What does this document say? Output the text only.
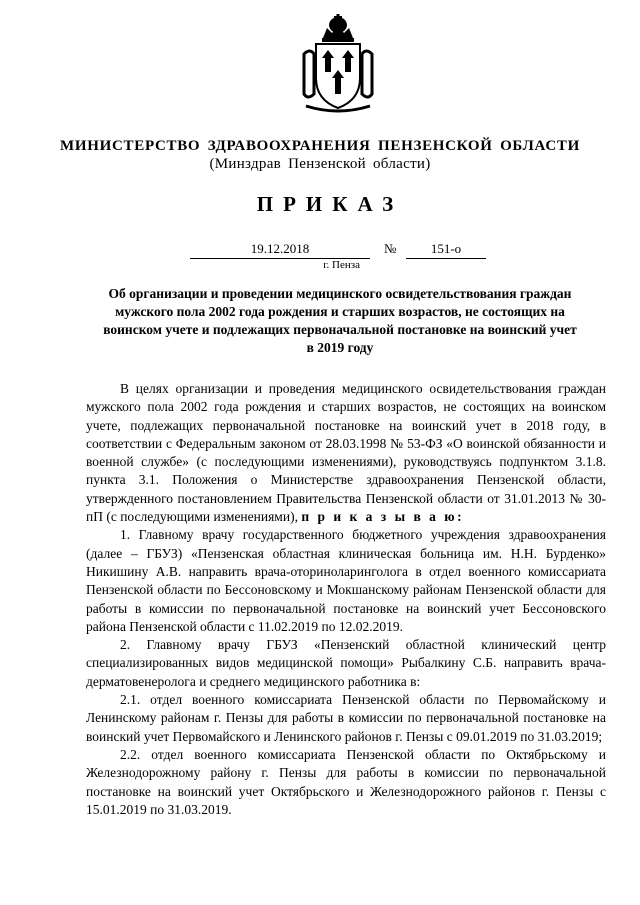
МИНИСТЕРСТВО ЗДРАВООХРАНЕНИЯ ПЕНЗЕНСКОЙ ОБЛАСТИ
(Минздрав Пензенской области)
ПРИКАЗ
19.12.2018	№	151-о
г. Пенза
Об организации и проведении медицинского освидетельствования граждан мужского пола 2002 года рождения и старших возрастов, не состоящих на воинском учете и подлежащих первоначальной постановке на воинский учет в 2019 году

В целях организации и проведения медицинского освидетельствования граждан мужского пола 2002 года рождения и старших возрастов, не состоящих на воинском учете, подлежащих первоначальной постановке на воинский учет в 2018 году, в соответствии с Федеральным законом от 28.03.1998 № 53-ФЗ «О воинской обязанности и военной службе» (с последующими изменениями), руководствуясь подпунктом 3.1.8. пункта 3.1. Положения о Министерстве здравоохранения Пензенской области, утвержденного постановлением Правительства Пензенской области от 31.01.2013 № 30-пП (с последующими изменениями), п р и к а з ы в а ю:

1. Главному врачу государственного бюджетного учреждения здравоохранения (далее – ГБУЗ) «Пензенская областная клиническая больница им. Н.Н. Бурденко» Никишину А.В. направить врача-оториноларинголога в отдел военного комиссариата Пензенской области по Бессоновскому и Мокшанскому районам Пензенской области для работы в комиссии по первоначальной постановке на воинский учет Бессоновского района Пензенской области с 11.02.2019 по 12.02.2019.

2. Главному врачу ГБУЗ «Пензенский областной клинический центр специализированных видов медицинской помощи» Рыбалкину С.Б. направить врача-дерматовенеролога и среднего медицинского работника в:

2.1. отдел военного комиссариата Пензенской области по Первомайскому и Ленинскому районам г. Пензы для работы в комиссии по первоначальной постановке на воинский учет Первомайского и Ленинского районов г. Пензы с 09.01.2019 по 31.03.2019;

2.2. отдел военного комиссариата Пензенской области по Октябрьскому и Железнодорожному району г. Пензы для работы в комиссии по первоначальной постановке на воинский учет Октябрьского и Железнодорожного районов г. Пензы с 15.01.2019 по 31.03.2019.
